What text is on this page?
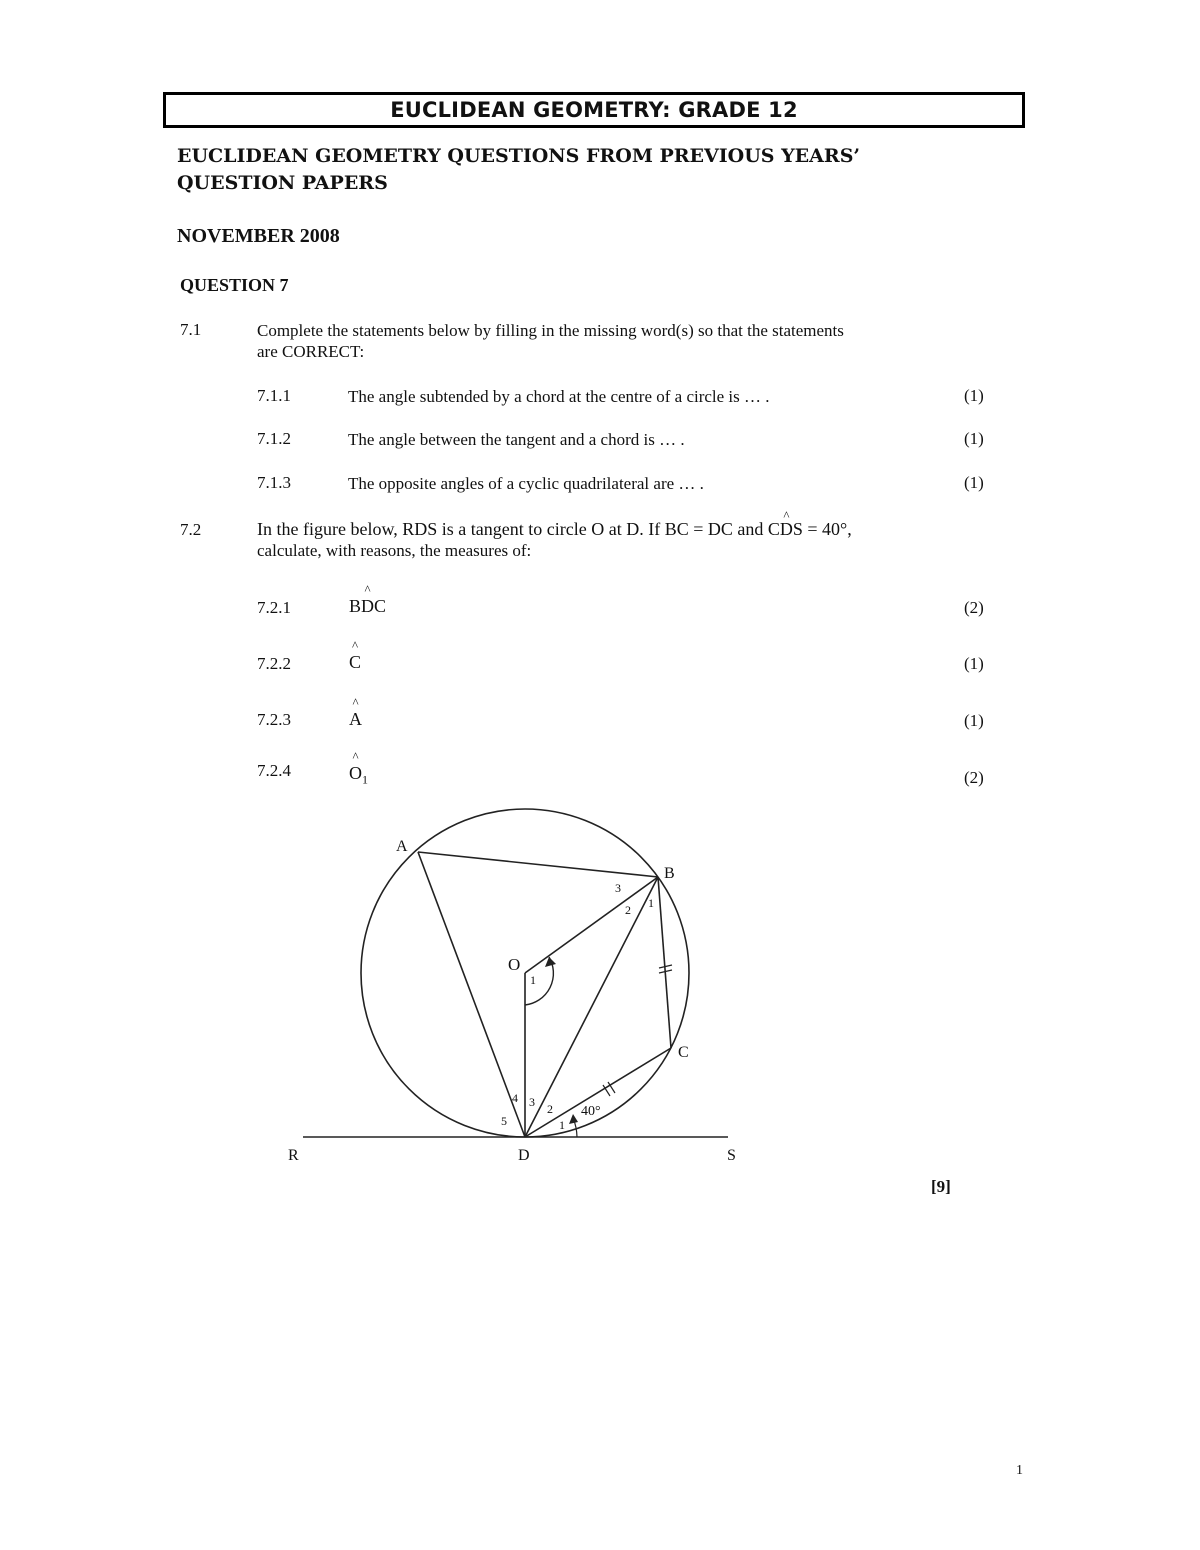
EUCLIDEAN GEOMETRY: GRADE 12
EUCLIDEAN GEOMETRY QUESTIONS FROM PREVIOUS YEARS’
QUESTION PAPERS
NOVEMBER 2008
QUESTION 7
7.1	Complete the statements below by filling in the missing word(s) so that the statements
are CORRECT:
7.1.1	The angle subtended by a chord at the centre of a circle is … .	(1)
7.1.2	The angle between the tangent and a chord is … .	(1)
7.1.3	The opposite angles of a cyclic quadrilateral are … .	(1)
7.2	In the figure below, RDS is a tangent to circle O at D. If BC = DC and C^ DS = 40°,
calculate, with reasons, the measures of:
7.2.1	B^ DC	(2)
7.2.2	^ C	(1)
7.2.3	^ A	(1)
7.2.4	^ $O_1$	(2)
A
B
C
D
O
R	S
3
2 1
1
4 3
5
2
1
40°
[9]
1
